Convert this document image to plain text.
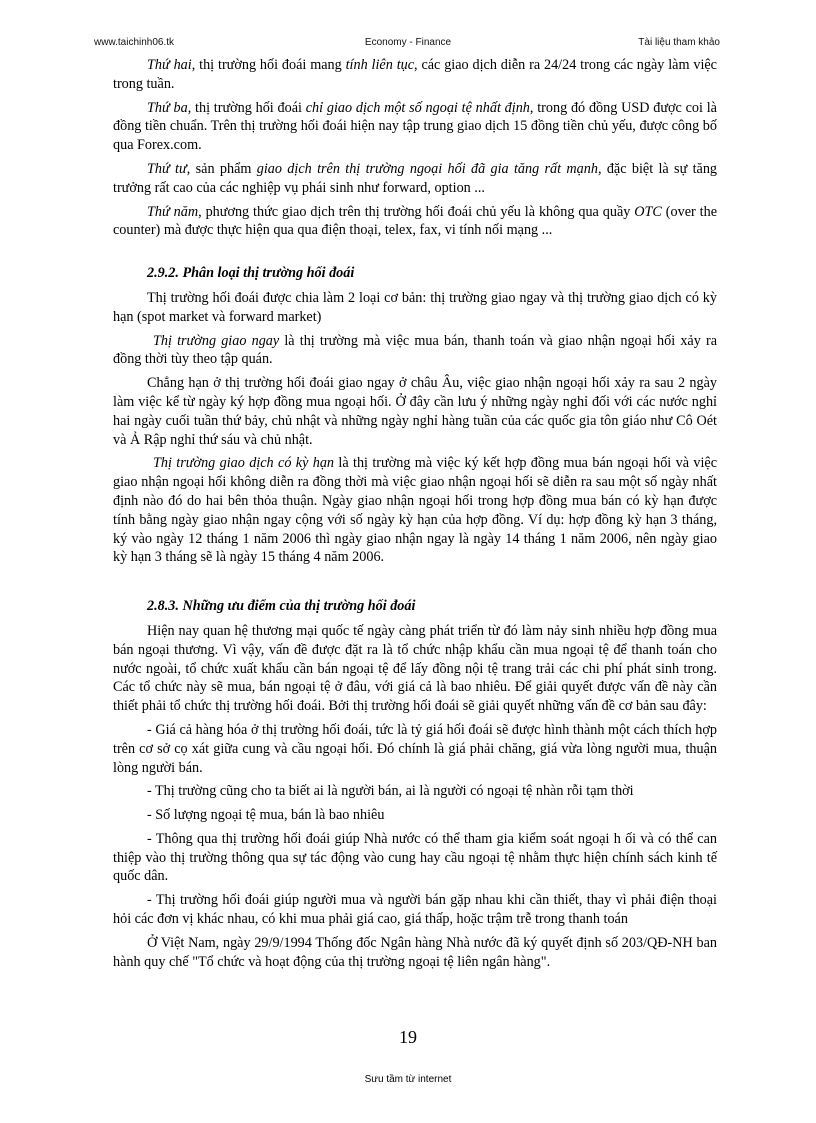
Economy - Finance
www.taichinh06.tk	Tài liệu tham khảo

Thứ hai, thị trường hối đoái mang tính liên tục, các giao dịch diễn ra 24/24 trong các ngày làm việc trong tuần.

Thứ ba, thị trường hối đoái chỉ giao dịch một số ngoại tệ nhất định, trong đó đồng USD được coi là đồng tiền chuẩn. Trên thị trường hối đoái hiện nay tập trung giao dịch 15 đồng tiền chủ yếu, được công bố qua Forex.com.

Thứ tư, sản phẩm giao dịch trên thị trường ngoại hối đã gia tăng rất mạnh, đặc biệt là sự tăng trưởng rất cao của các nghiệp vụ phái sinh như forward, option ...

Thứ năm, phương thức giao dịch trên thị trường hối đoái chủ yếu là không qua quầy OTC (over the counter) mà được thực hiện qua qua điện thoại, telex, fax, vi tính nối mạng ...

2.9.2. Phân loại thị trường hối đoái

Thị trường hối đoái được chia làm 2 loại cơ bản: thị trường giao ngay và thị trường giao dịch có kỳ hạn (spot market và forward market)

Thị trường giao ngay là thị trường mà việc mua bán, thanh toán và giao nhận ngoại hối xảy ra đồng thời tùy theo tập quán.

Chẳng hạn ở thị trường hối đoái giao ngay ở châu Âu, việc giao nhận ngoại hối xảy ra sau 2 ngày làm việc kể từ ngày ký hợp đồng mua ngoại hối. Ở đây cần lưu ý những ngày nghỉ đối với các nước nghỉ hai ngày cuối tuần thứ bảy, chủ nhật và những ngày nghỉ hàng tuần của các quốc gia tôn giáo như Cô Oét và Ả Rập nghỉ thứ sáu và chủ nhật.

Thị trường giao dịch có kỳ hạn là thị trường mà việc ký kết hợp đồng mua bán ngoại hối và việc giao nhận ngoại hối không diễn ra đồng thời mà việc giao nhận ngoại hối sẽ diễn ra sau một số ngày nhất định nào đó do hai bên thỏa thuận. Ngày giao nhận ngoại hối trong hợp đồng mua bán có kỳ hạn được tính bằng ngày giao nhận ngay cộng với số ngày kỳ hạn của hợp đồng. Ví dụ: hợp đồng kỳ hạn 3 tháng, ký vào ngày 12 tháng 1 năm 2006 thì ngày giao nhận ngay là ngày 14 tháng 1 năm 2006, nên ngày giao kỳ hạn 3 tháng sẽ là ngày 15 tháng 4 năm 2006.

2.8.3. Những ưu điểm của thị trường hối đoái

Hiện nay quan hệ thương mại quốc tế ngày càng phát triển từ đó làm nảy sinh nhiều hợp đồng mua bán ngoại thương. Vì vậy, vấn đề được đặt ra là tổ chức nhập khẩu cần mua ngoại tệ để thanh toán cho nước ngoài, tổ chức xuất khẩu cần bán ngoại tệ để lấy đồng nội tệ trang trải các chi phí phát sinh trong. Các tổ chức này sẽ mua, bán ngoại tệ ở đâu, với giá cả là bao nhiêu. Để giải quyết được vấn đề này cần thiết phải tổ chức thị trường hối đoái. Bởi thị trường hối đoái sẽ giải quyết những vấn đề cơ bản sau đây:

- Giá cả hàng hóa ở thị trường hối đoái, tức là tỷ giá hối đoái sẽ được hình thành một cách thích hợp trên cơ sở cọ xát giữa cung và cầu ngoại hối. Đó chính là giá phải chăng, giá vừa lòng người mua, thuận lòng người bán.

- Thị trường cũng cho ta biết ai là người bán, ai là người có ngoại tệ nhàn rỗi tạm thời

- Số lượng ngoại tệ mua, bán là bao nhiêu

- Thông qua thị trường hối đoái giúp Nhà nước có thể tham gia kiểm soát ngoại h ối và có thể can thiệp vào thị trường thông qua sự tác động vào cung hay cầu ngoại tệ nhằm thực hiện chính sách kinh tế quốc dân.

- Thị trường hối đoái giúp người mua và người bán gặp nhau khi cần thiết, thay vì phải điện thoại hỏi các đơn vị khác nhau, có khi mua phải giá cao, giá thấp, hoặc trậm trễ trong thanh toán

Ở Việt Nam, ngày 29/9/1994 Thống đốc Ngân hàng Nhà nước đã ký quyết định số 203/QĐ-NH ban hành quy chế "Tổ chức và hoạt động của thị trường ngoại tệ liên ngân hàng".

19
Sưu tầm từ internet
